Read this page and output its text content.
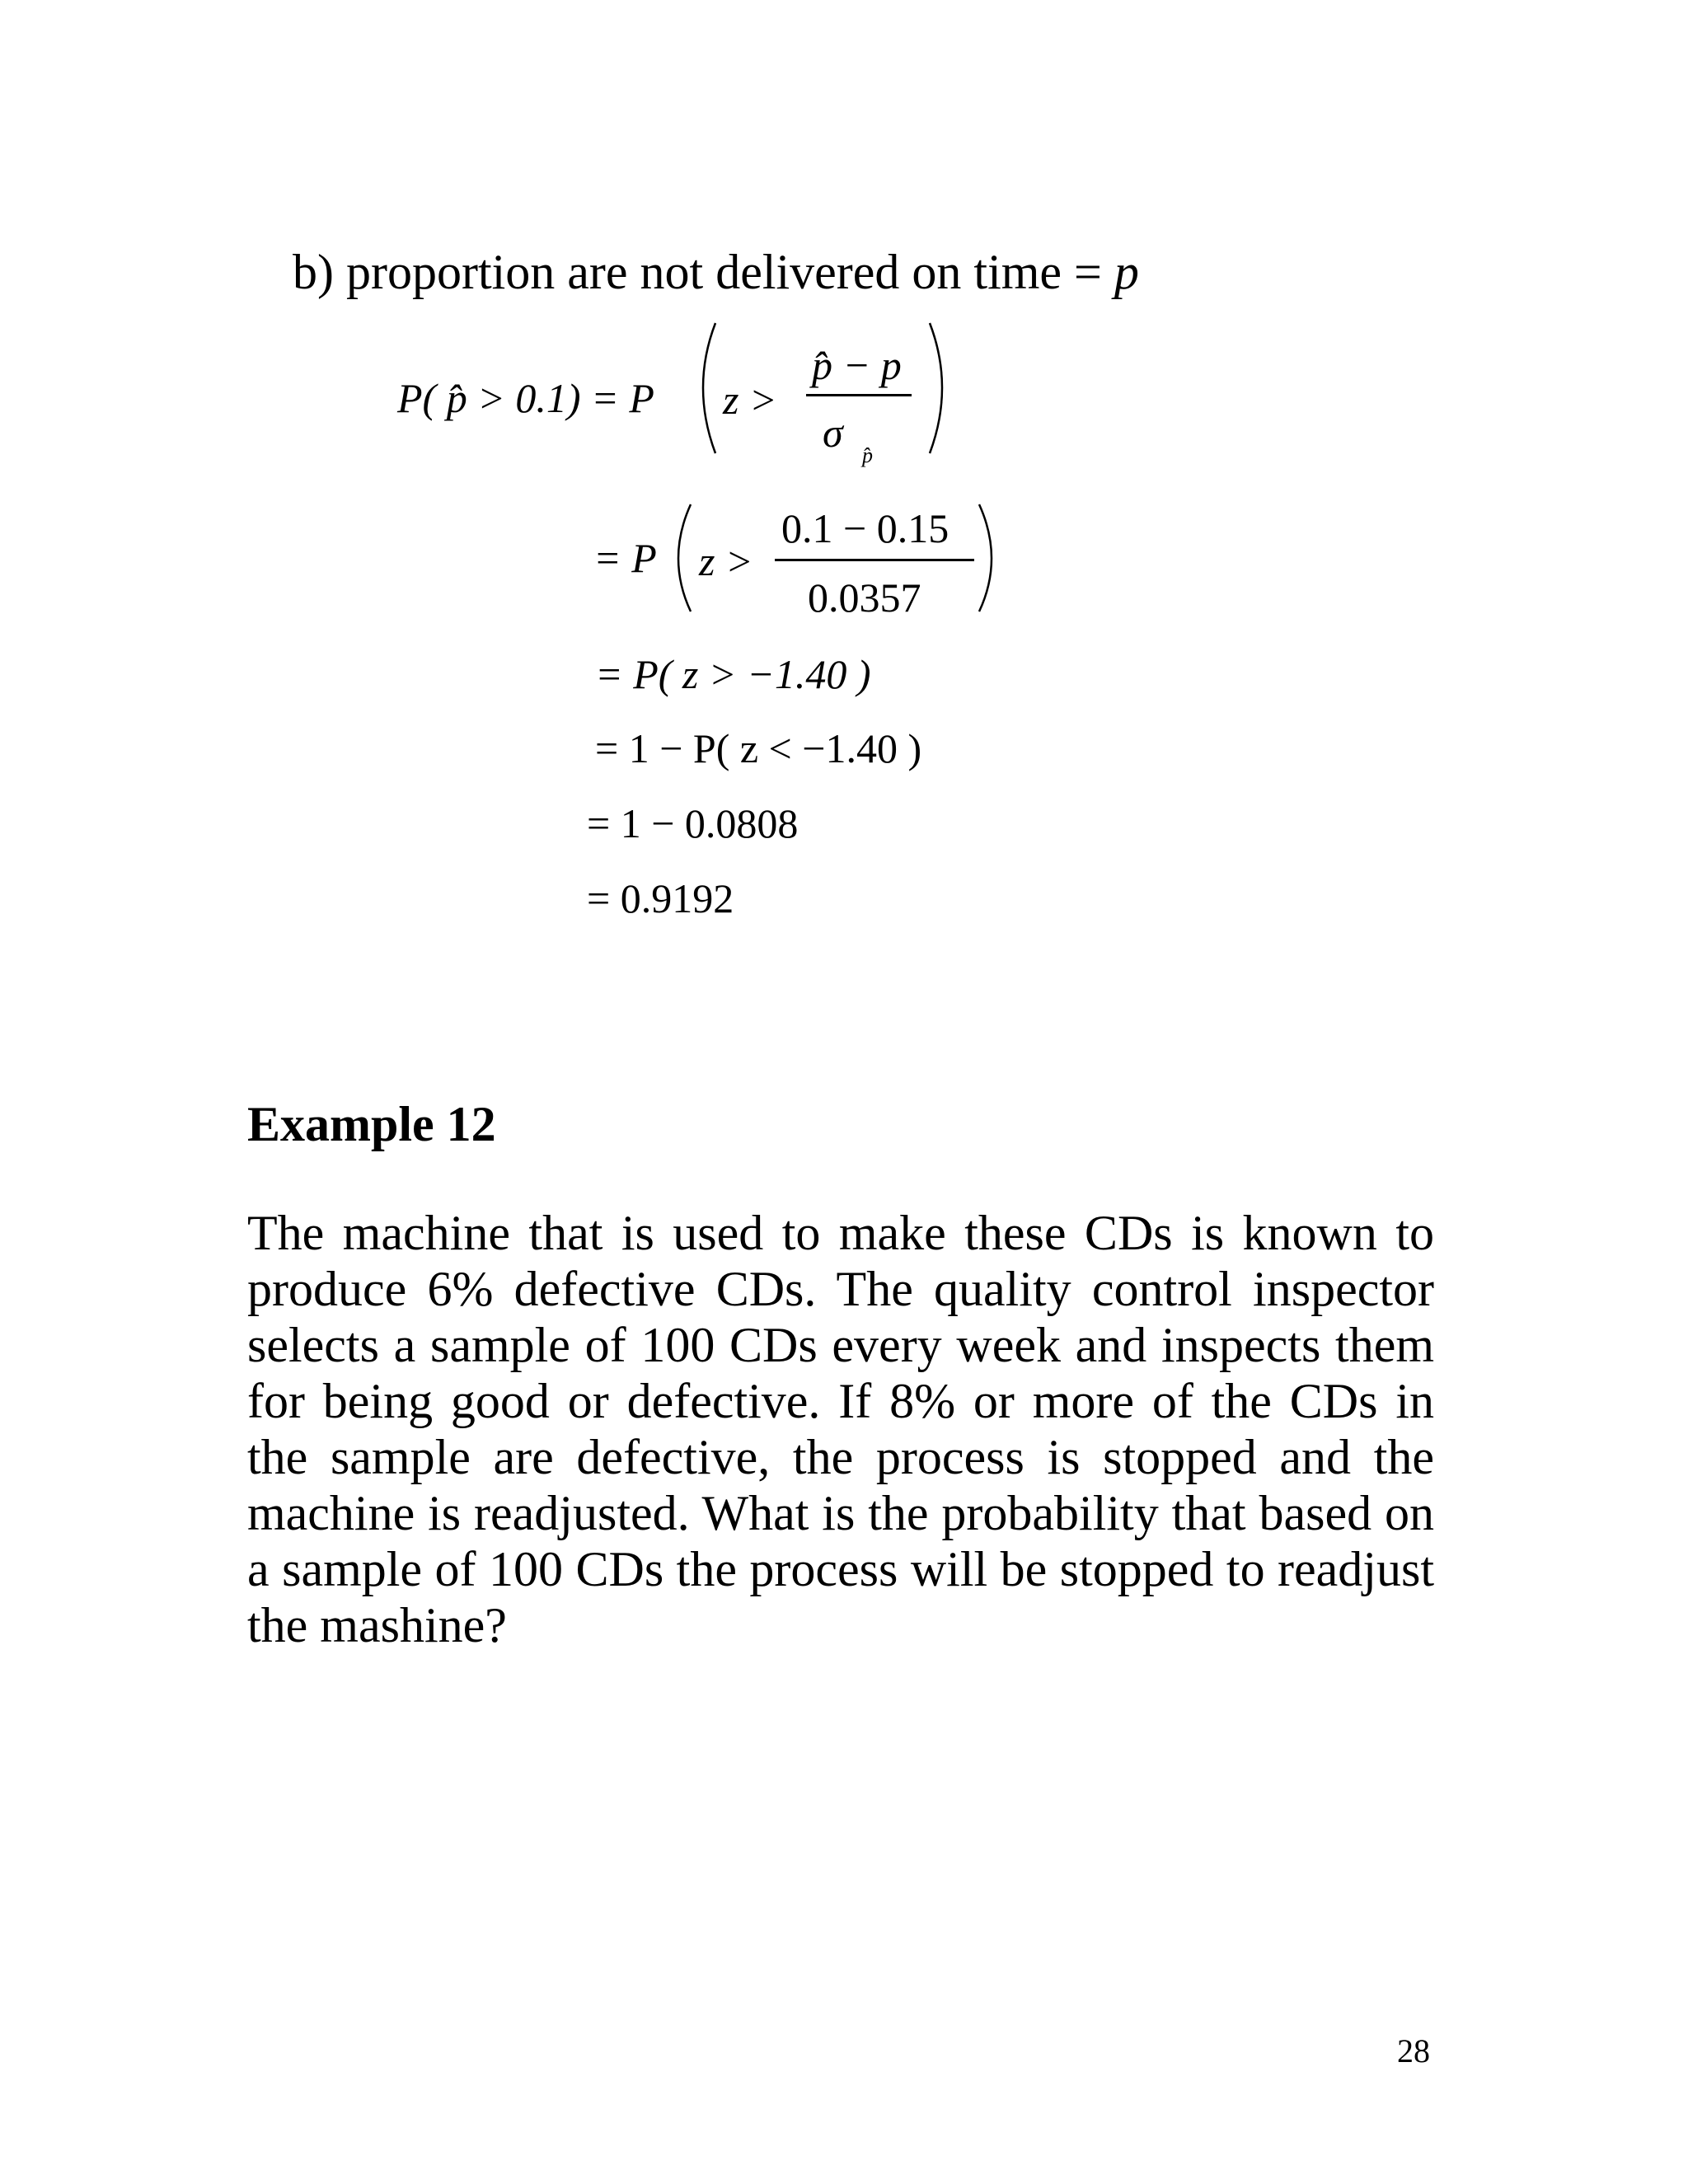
b) proportion are not delivered on time = p
P( p̂ > 0.1) = P z >
p̂ − p
σ p̂
= P z >
0.1 − 0.15
0.0357
= P( z > −1.40 )
= 1 − P( z < −1.40 )
= 1 − 0.0808
= 0.9192
Example 12
The machine that is used to make these CDs is known to
produce 6% defective CDs. The quality control inspector
selects a sample of 100 CDs every week and inspects them
for being good or defective. If 8% or more of the CDs in
the sample are defective, the process is stopped and the
machine is readjusted. What is the probability that based on
a sample of 100 CDs the process will be stopped to readjust
the mashine?
28
